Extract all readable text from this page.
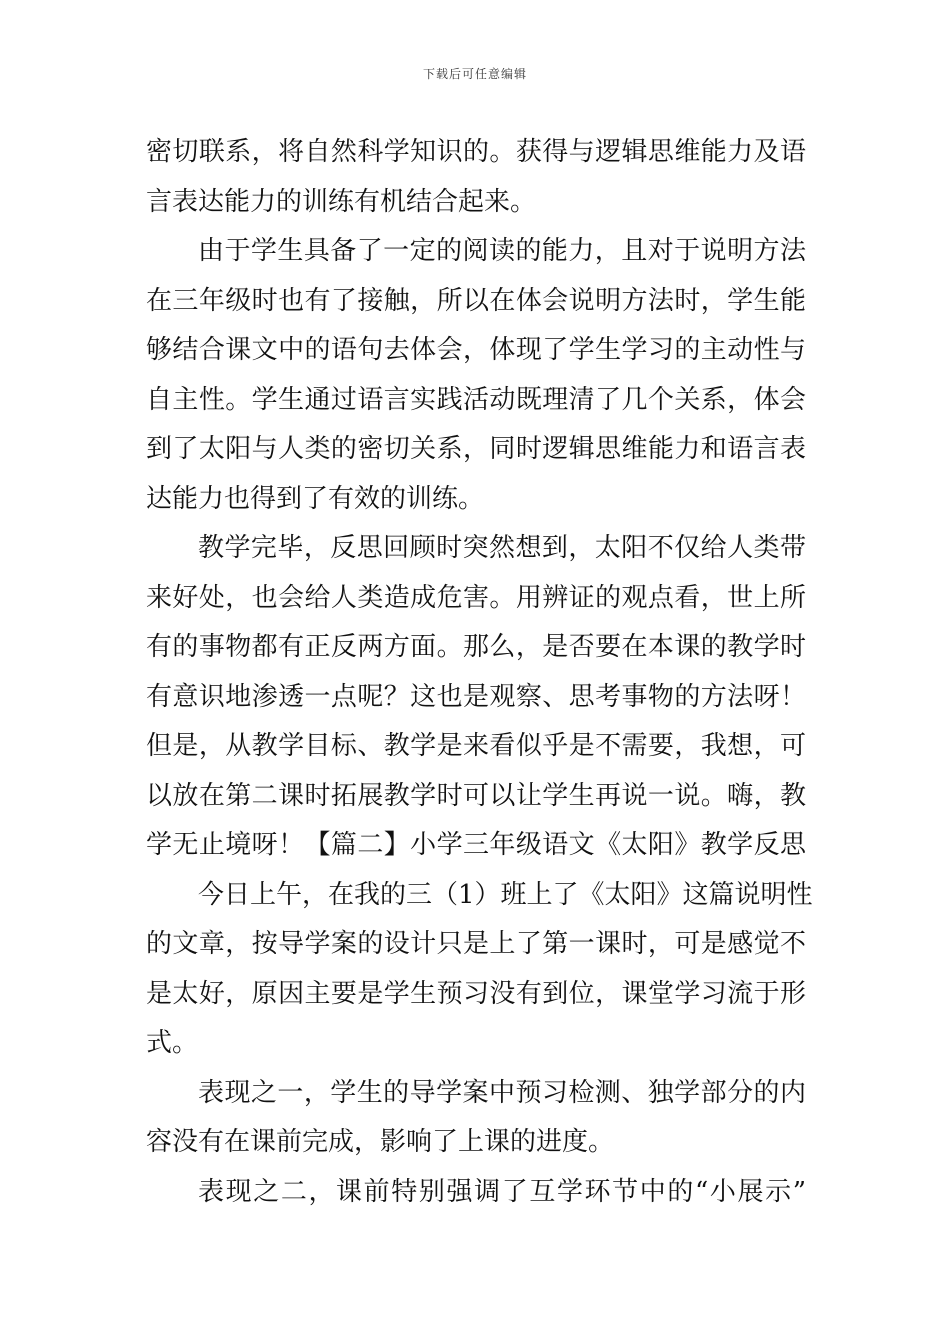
下载后可任意编辑
密切联系，将自然科学知识的。获得与逻辑思维能力及语
言表达能力的训练有机结合起来。
由于学生具备了一定的阅读的能力，且对于说明方法
在三年级时也有了接触，所以在体会说明方法时，学生能
够结合课文中的语句去体会，体现了学生学习的主动性与
自主性。学生通过语言实践活动既理清了几个关系，体会
到了太阳与人类的密切关系，同时逻辑思维能力和语言表
达能力也得到了有效的训练。
教学完毕，反思回顾时突然想到，太阳不仅给人类带
来好处，也会给人类造成危害。用辨证的观点看，世上所
有的事物都有正反两方面。那么，是否要在本课的教学时
有意识地渗透一点呢？这也是观察、思考事物的方法呀！
但是，从教学目标、教学是来看似乎是不需要，我想，可
以放在第二课时拓展教学时可以让学生再说一说。嗨，教
学无止境呀！【篇二】小学三年级语文《太阳》教学反思
今日上午，在我的三（1）班上了《太阳》这篇说明性
的文章，按导学案的设计只是上了第一课时，可是感觉不
是太好，原因主要是学生预习没有到位，课堂学习流于形
式。
表现之一，学生的导学案中预习检测、独学部分的内
容没有在课前完成，影响了上课的进度。
表现之二，课前特别强调了互学环节中的“小展示”
